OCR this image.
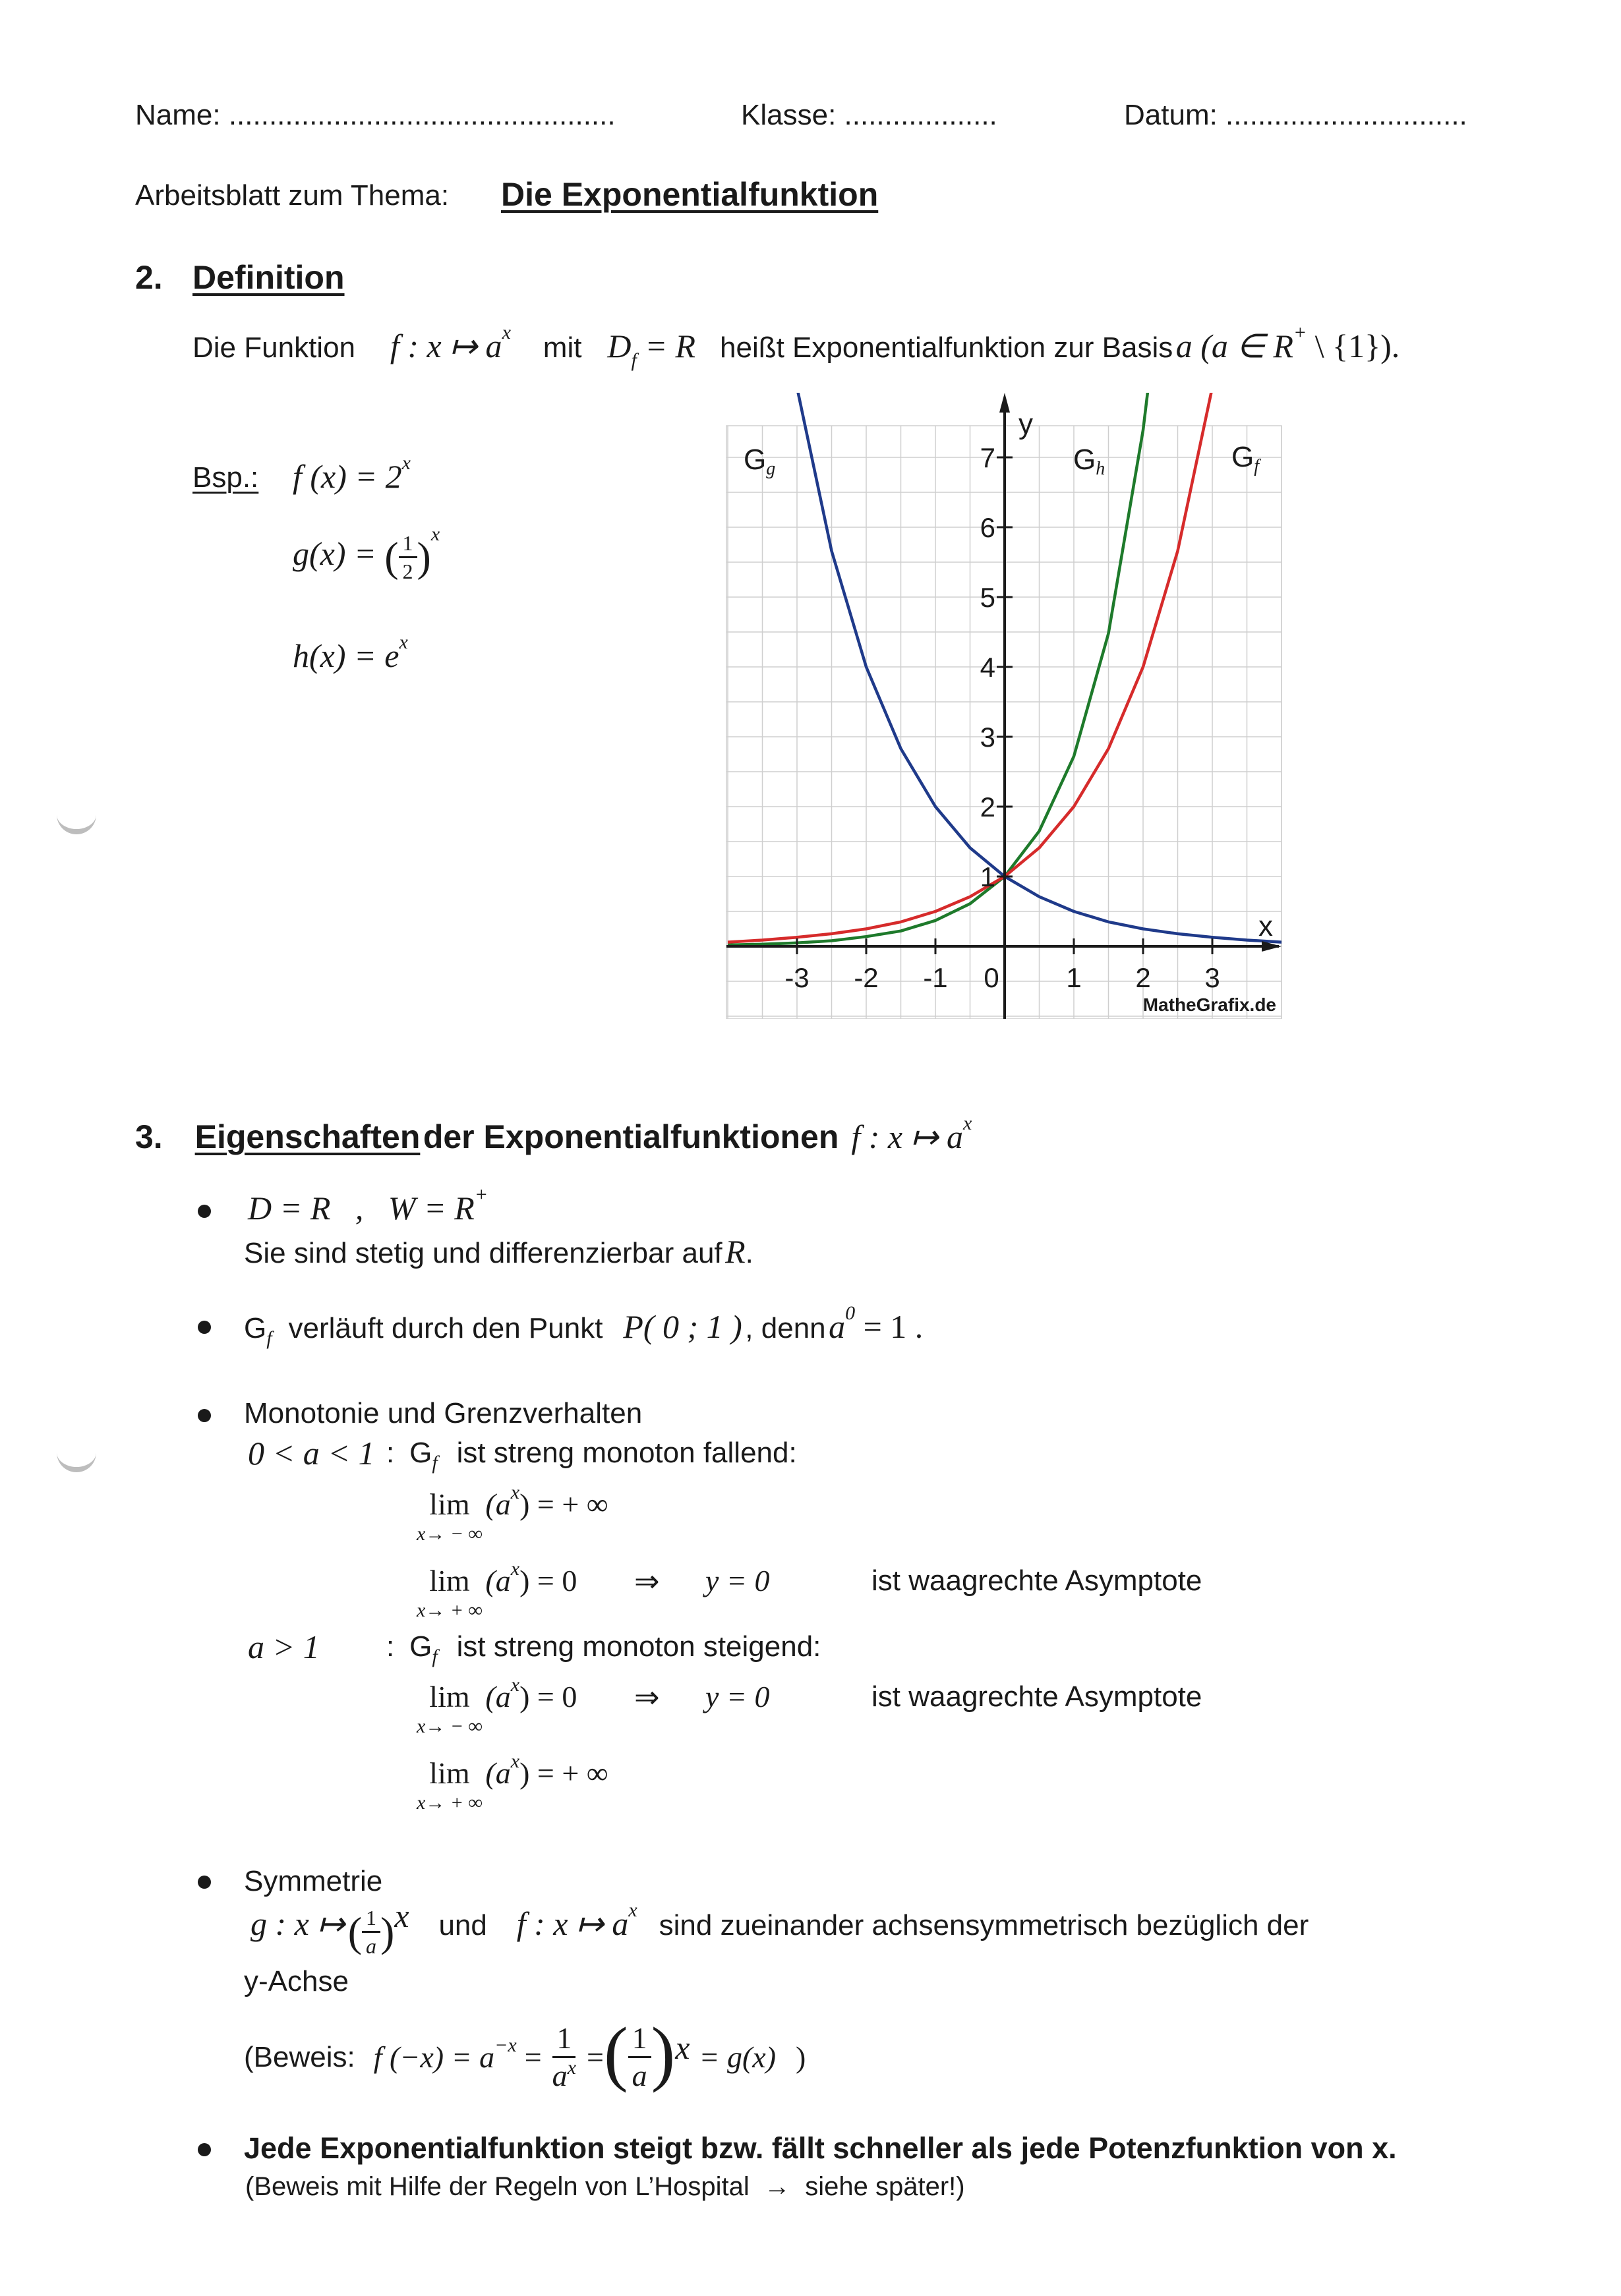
Name: ................................................	Klasse: ...................	Datum: ..............................
Arbeitsblatt zum Thema: Die Exponentialfunktion
2. Definition
Die Funktion f : x ↦ $a^x$ mit $D_f = R$ heißt Exponentialfunktion zur Basis a (a ∈ R+ \ {1}).
Bsp.: f $(x) = 2^x$
g(x) = ( $\frac{1}{2} )^x$
$h(x) = e^x$
-3 -2 -1 0 1 2 3
1
2
3
4
5
6
7
x
y
Gg	Gh	Gf
MatheGrafix.de
3. Eigenschaften der Exponentialfunktionen f : x ↦ $a^x$
D = R   ,   W = R+
Sie sind stetig und differenzierbar auf R.
Gf verläuft durch den Punkt P( 0 ; 1 ) , denn $a^0 = 1$ .
Monotonie und Grenzverhalten
0 < a < 1 : Gf ist streng monoton fallend:
lim
x→ − ∞
$(a^x)$ = + ∞
lim
x→ + ∞
$(a^x) = 0$ ⇒ y = 0	ist waagrechte Asymptote
a > 1 : Gf ist streng monoton steigend:
lim
x→ − ∞
$(a^x) = 0$ ⇒ y = 0	ist waagrechte Asymptote
lim
x→ + ∞
$(a^x)$ = + ∞
Symmetrie
g : x ↦ ( $\frac{1}{a} )^x$ und f : x ↦ $a^x$ sind zueinander achsensymmetrisch bezüglich der
y-Achse
(Beweis: f $(-x) = a^{-x} = \frac{1}{a^x}$ = ( $\frac{1}{a} )^x = g(x)$ )
Jede Exponentialfunktion steigt bzw. fällt schneller als jede Potenzfunktion von x.
(Beweis mit Hilfe der Regeln von L’Hospital  →  siehe später!)
